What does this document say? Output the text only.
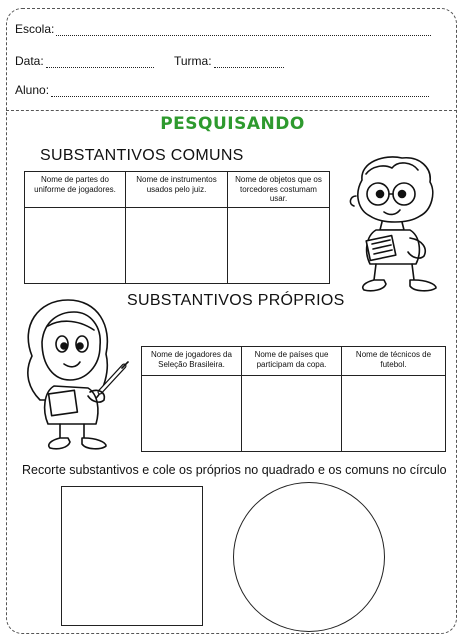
Escola:
Data:	Turma:
Aluno:
PESQUISANDO
SUBSTANTIVOS COMUNS
Nome de partes do uniforme de jogadores.	Nome de instrumentos usados pelo juiz.	Nome de objetos que os torcedores costumam usar.

SUBSTANTIVOS PRÓPRIOS
Nome de jogadores da Seleção Brasileira.	Nome de países que participam da copa.	Nome de técnicos de futebol.

Recorte substantivos e cole os próprios no quadrado e os comuns no círculo
